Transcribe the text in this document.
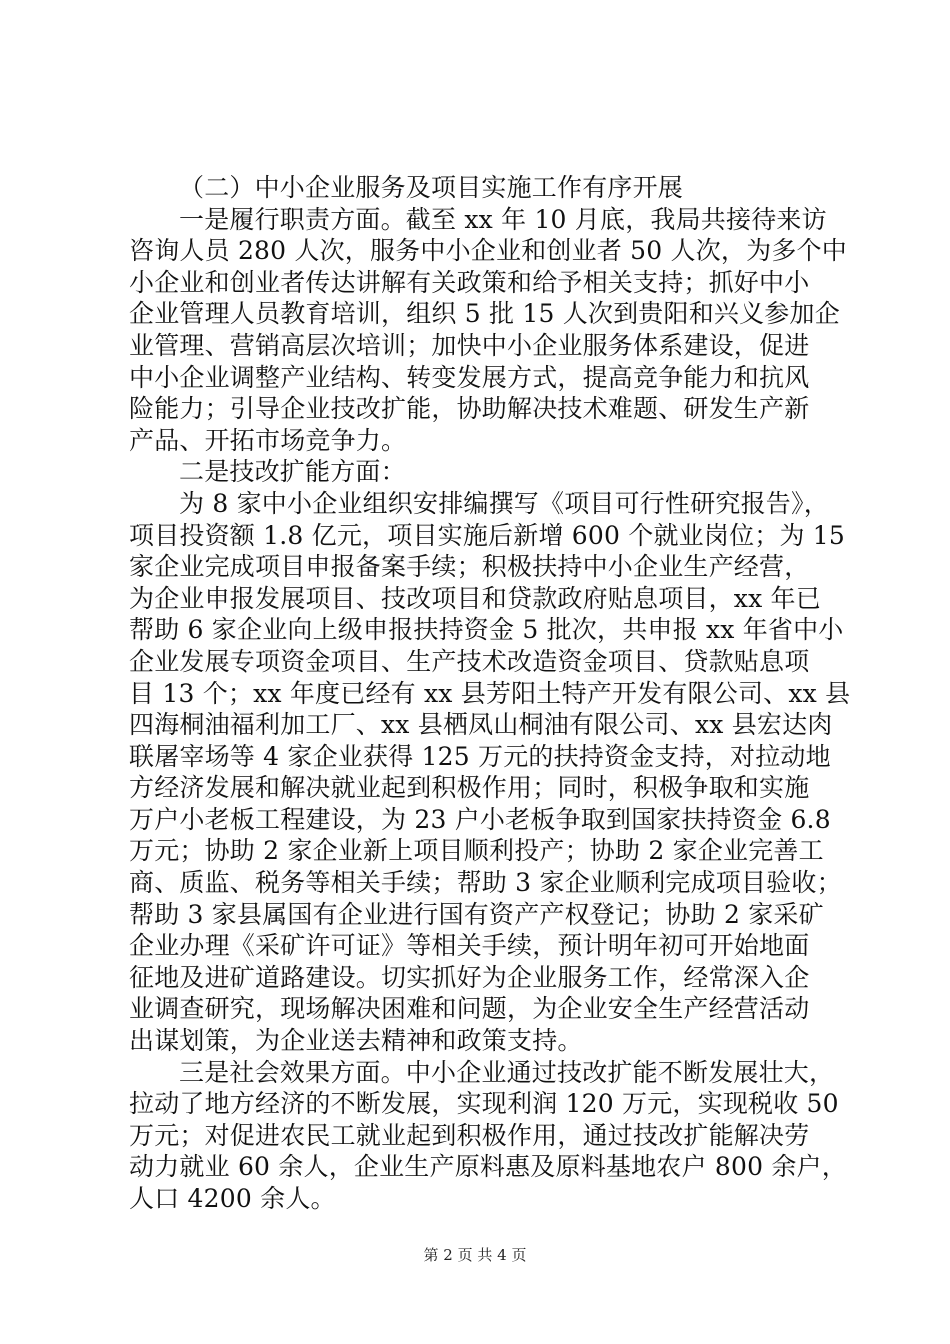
（二）中小企业服务及项目实施工作有序开展
一是履行职责方面。截至 xx 年 10 月底，我局共接待来访
咨询人员 280 人次，服务中小企业和创业者 50 人次，为多个中
小企业和创业者传达讲解有关政策和给予相关支持；抓好中小
企业管理人员教育培训，组织 5 批 15 人次到贵阳和兴义参加企
业管理、营销高层次培训；加快中小企业服务体系建设，促进
中小企业调整产业结构、转变发展方式，提高竞争能力和抗风
险能力；引导企业技改扩能，协助解决技术难题、研发生产新
产品、开拓市场竞争力。
二是技改扩能方面：
为 8 家中小企业组织安排编撰写《项目可行性研究报告》，
项目投资额 1.8 亿元，项目实施后新增 600 个就业岗位；为 15
家企业完成项目申报备案手续；积极扶持中小企业生产经营，
为企业申报发展项目、技改项目和贷款政府贴息项目，xx 年已
帮助 6 家企业向上级申报扶持资金 5 批次，共申报 xx 年省中小
企业发展专项资金项目、生产技术改造资金项目、贷款贴息项
目 13 个；xx 年度已经有 xx 县芳阳土特产开发有限公司、xx 县
四海桐油福利加工厂、xx 县栖凤山桐油有限公司、xx 县宏达肉
联屠宰场等 4 家企业获得 125 万元的扶持资金支持，对拉动地
方经济发展和解决就业起到积极作用；同时，积极争取和实施
万户小老板工程建设，为 23 户小老板争取到国家扶持资金 6.8
万元；协助 2 家企业新上项目顺利投产；协助 2 家企业完善工
商、质监、税务等相关手续；帮助 3 家企业顺利完成项目验收；
帮助 3 家县属国有企业进行国有资产产权登记；协助 2 家采矿
企业办理《采矿许可证》等相关手续，预计明年初可开始地面
征地及进矿道路建设。切实抓好为企业服务工作，经常深入企
业调查研究，现场解决困难和问题，为企业安全生产经营活动
出谋划策，为企业送去精神和政策支持。
三是社会效果方面。中小企业通过技改扩能不断发展壮大，
拉动了地方经济的不断发展，实现利润 120 万元，实现税收 50
万元；对促进农民工就业起到积极作用，通过技改扩能解决劳
动力就业 60 余人，企业生产原料惠及原料基地农户 800 余户，
人口 4200 余人。
第 2 页 共 4 页
